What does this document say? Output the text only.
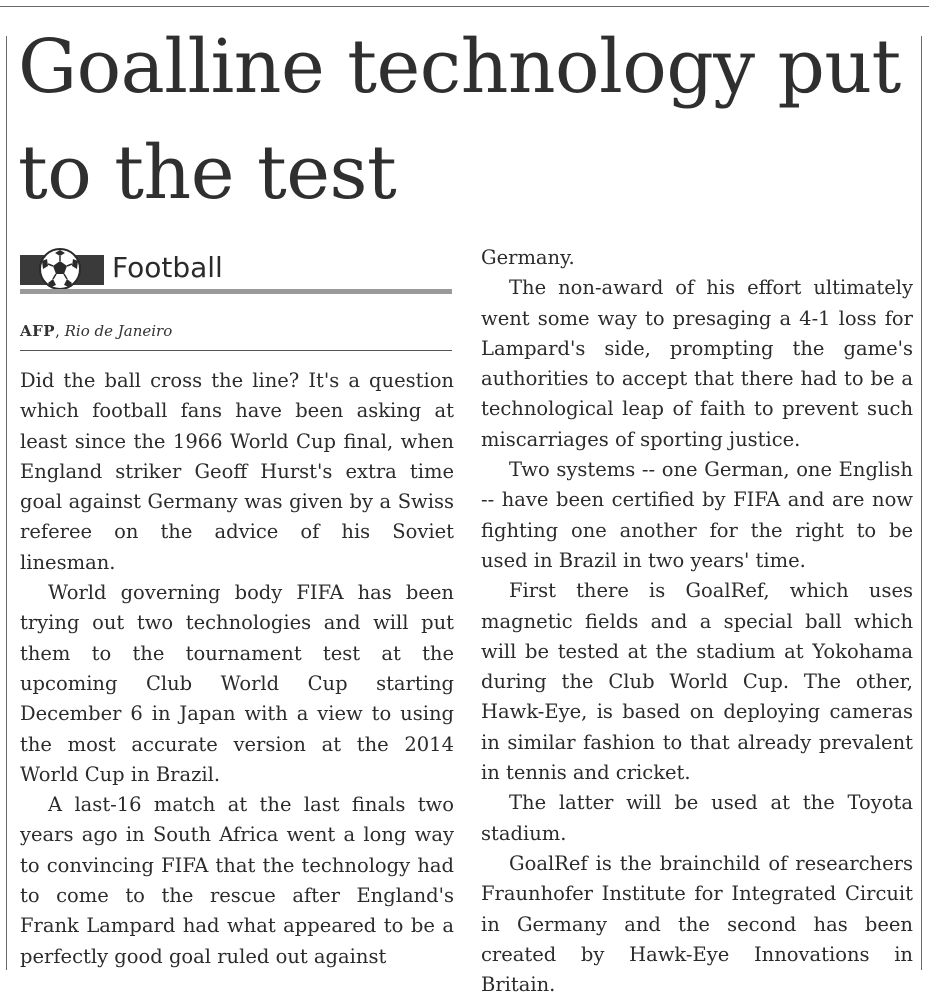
Goalline technology put to the test
Football
AFP, Rio de Janeiro

Did the ball cross the line? It's a question which football fans have been asking at least since the 1966 World Cup final, when England striker Geoff Hurst's extra time goal against Germany was given by a Swiss referee on the advice of his Soviet linesman.

World governing body FIFA has been trying out two technologies and will put them to the tournament test at the upcoming Club World Cup starting December 6 in Japan with a view to using the most accurate version at the 2014 World Cup in Brazil.

A last-16 match at the last finals two years ago in South Africa went a long way to convincing FIFA that the technology had to come to the rescue after England's Frank Lampard had what appeared to be a perfectly good goal ruled out against

Germany.

The non-award of his effort ultimately went some way to presaging a 4-1 loss for Lampard's side, prompting the game's authorities to accept that there had to be a technological leap of faith to prevent such miscarriages of sporting justice.

Two systems -- one German, one English -- have been certified by FIFA and are now fighting one another for the right to be used in Brazil in two years' time.

First there is GoalRef, which uses magnetic fields and a special ball which will be tested at the stadium at Yokohama during the Club World Cup. The other, Hawk-Eye, is based on deploying cameras in similar fashion to that already prevalent in tennis and cricket.

The latter will be used at the Toyota stadium.

GoalRef is the brainchild of researchers Fraunhofer Institute for Integrated Circuit in Germany and the second has been created by Hawk-Eye Innovations in Britain.
